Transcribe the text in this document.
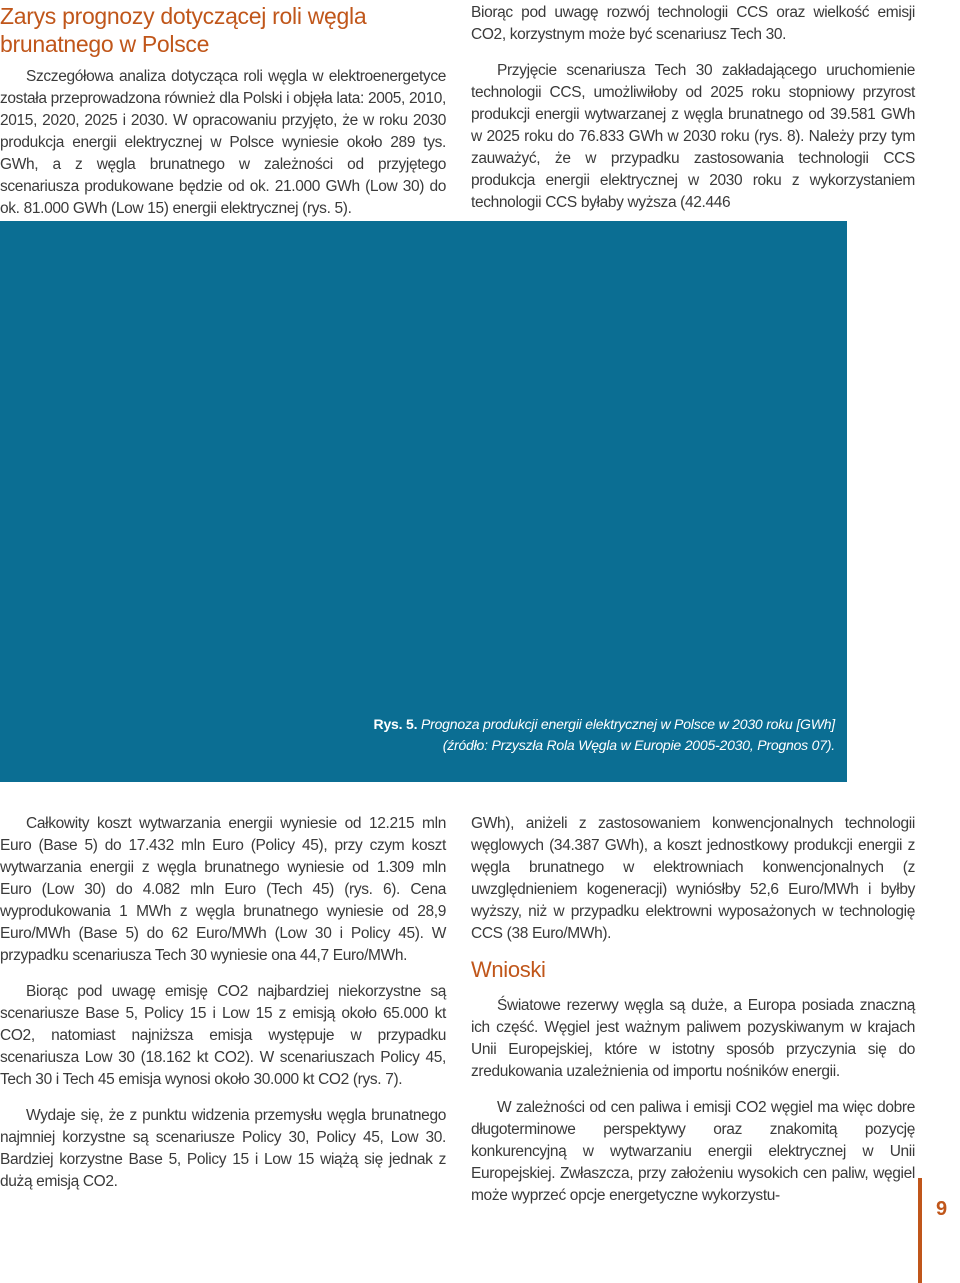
Zarys prognozy dotyczącej roli węgla brunatnego w Polsce

Szczegółowa analiza dotycząca roli węgla w elektroenergetyce została przeprowadzona również dla Polski i objęła lata: 2005, 2010, 2015, 2020, 2025 i 2030. W opracowaniu przyjęto, że w roku 2030 produkcja energii elektrycznej w Polsce wyniesie około 289 tys. GWh, a z węgla brunatnego w zależności od przyjętego scenariusza produkowane będzie od ok. 21.000 GWh (Low 30) do ok. 81.000 GWh (Low 15) energii elektrycznej (rys. 5).

Biorąc pod uwagę rozwój technologii CCS oraz wielkość emisji CO2, korzystnym może być scenariusz Tech 30.

Przyjęcie scenariusza Tech 30 zakładającego uruchomienie technologii CCS, umożliwiłoby od 2025 roku stopniowy przyrost produkcji energii wytwarzanej z węgla brunatnego od 39.581 GWh w 2025 roku do 76.833 GWh w 2030 roku (rys. 8). Należy przy tym zauważyć, że w przypadku zastosowania technologii CCS produkcja energii elektrycznej w 2030 roku z wykorzystaniem technologii CCS byłaby wyższa (42.446

Rys. 5. Prognoza produkcji energii elektrycznej w Polsce w 2030 roku [GWh]
(źródło: Przyszła Rola Węgla w Europie 2005-2030, Prognos 07).

Całkowity koszt wytwarzania energii wyniesie od 12.215 mln Euro (Base 5) do 17.432 mln Euro (Policy 45), przy czym koszt wytwarzania energii z węgla brunatnego wyniesie od 1.309 mln Euro (Low 30) do 4.082 mln Euro (Tech 45) (rys. 6). Cena wyprodukowania 1 MWh z węgla brunatnego wyniesie od 28,9 Euro/MWh (Base 5) do 62 Euro/MWh (Low 30 i Policy 45). W przypadku scenariusza Tech 30 wyniesie ona 44,7 Euro/MWh.

Biorąc pod uwagę emisję CO2 najbardziej niekorzystne są scenariusze Base 5, Policy 15 i Low 15 z emisją około 65.000 kt CO2, natomiast najniższa emisja występuje w przypadku scenariusza Low 30 (18.162 kt CO2). W scenariuszach Policy 45, Tech 30 i Tech 45 emisja wynosi około 30.000 kt CO2 (rys. 7).

Wydaje się, że z punktu widzenia przemysłu węgla brunatnego najmniej korzystne są scenariusze Policy 30, Policy 45, Low 30. Bardziej korzystne Base 5, Policy 15 i Low 15 wiążą się jednak z dużą emisją CO2.

GWh), aniżeli z zastosowaniem konwencjonalnych technologii węglowych (34.387 GWh), a koszt jednostkowy produkcji energii z węgla brunatnego w elektrowniach konwencjonalnych (z uwzględnieniem kogeneracji) wyniósłby 52,6 Euro/MWh i byłby wyższy, niż w przypadku elektrowni wyposażonych w technologię CCS (38 Euro/MWh).

Wnioski

Światowe rezerwy węgla są duże, a Europa posiada znaczną ich część. Węgiel jest ważnym paliwem pozyskiwanym w krajach Unii Europejskiej, które w istotny sposób przyczynia się do zredukowania uzależnienia od importu nośników energii.

W zależności od cen paliwa i emisji CO2 węgiel ma więc dobre długoterminowe perspektywy oraz znakomitą pozycję konkurencyjną w wytwarzaniu energii elektrycznej w Unii Europejskiej. Zwłaszcza, przy założeniu wysokich cen paliw, węgiel może wyprzeć opcje energetyczne wykorzystu-

9
